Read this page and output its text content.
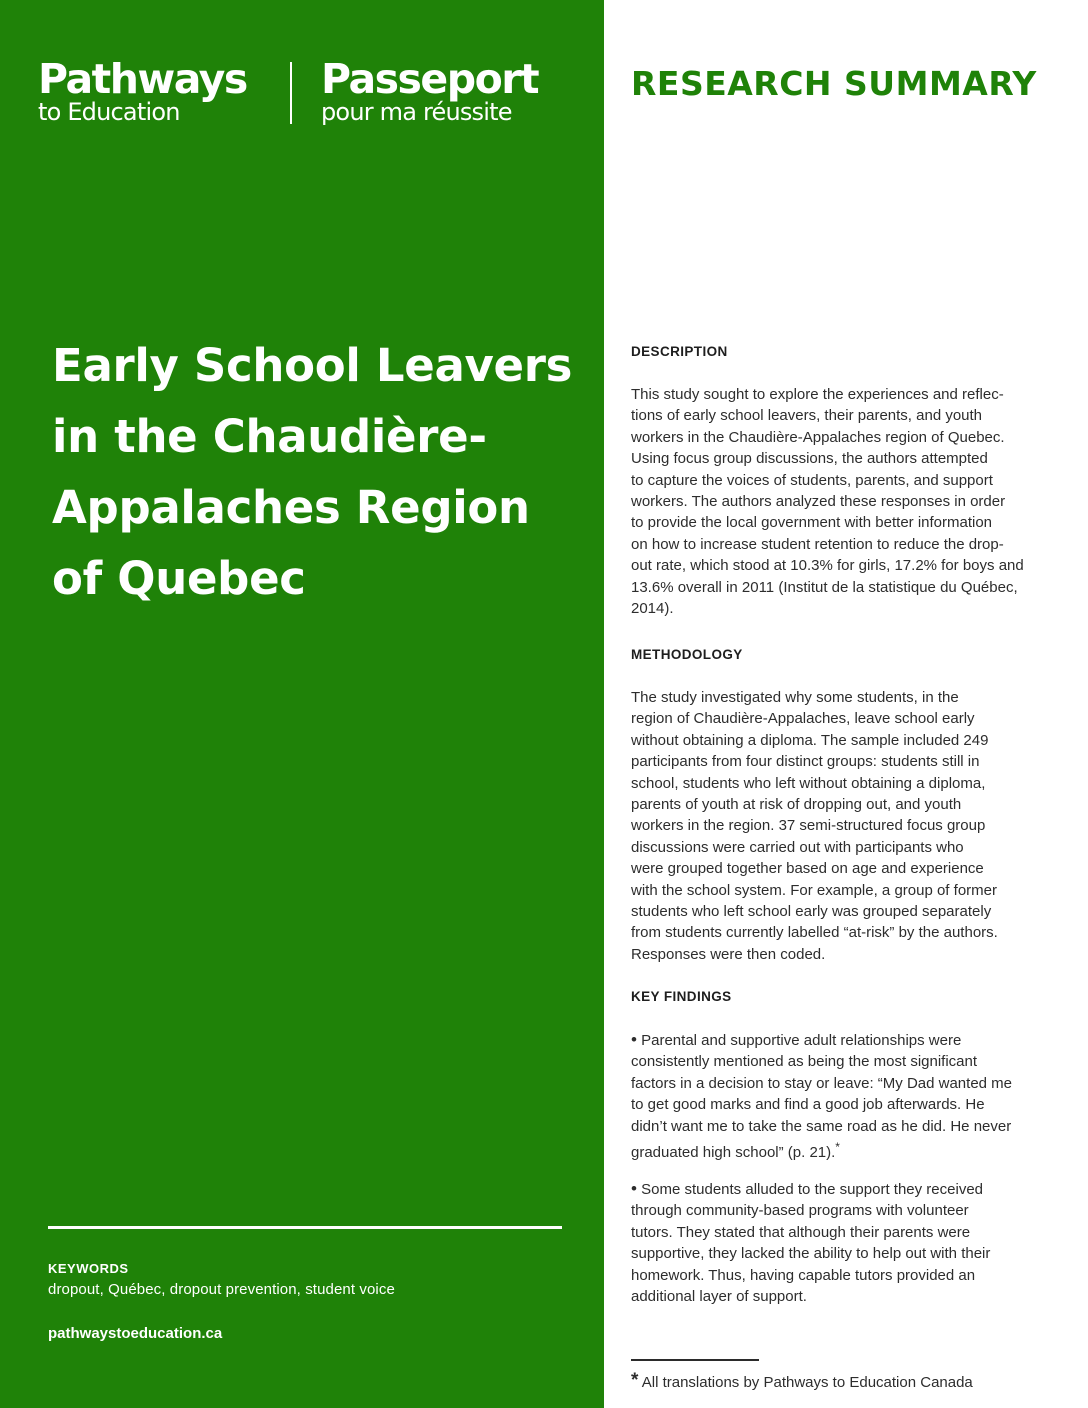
Pathways
to Education
Passeport
pour ma réussite
Early School Leavers
in the Chaudière-
Appalaches Region
of Quebec
KEYWORDS
dropout, Québec, dropout prevention, student voice
pathwaystoeducation.ca
RESEARCH SUMMARY
DESCRIPTION

This study sought to explore the experiences and reflec-
tions of early school leavers, their parents, and youth
workers in the Chaudière-Appalaches region of Quebec.
Using focus group discussions, the authors attempted
to capture the voices of students, parents, and support
workers. The authors analyzed these responses in order
to provide the local government with better information
on how to increase student retention to reduce the drop-
out rate, which stood at 10.3% for girls, 17.2% for boys and
13.6% overall in 2011 (Institut de la statistique du Québec,
2014).

METHODOLOGY

The study investigated why some students, in the
region of Chaudière-Appalaches, leave school early
without obtaining a diploma. The sample included 249
participants from four distinct groups: students still in
school, students who left without obtaining a diploma,
parents of youth at risk of dropping out, and youth
workers in the region. 37 semi-structured focus group
discussions were carried out with participants who
were grouped together based on age and experience
with the school system. For example, a group of former
students who left school early was grouped separately
from students currently labelled “at-risk” by the authors.
Responses were then coded.

KEY FINDINGS

• Parental and supportive adult relationships were
consistently mentioned as being the most significant
factors in a decision to stay or leave: “My Dad wanted me
to get good marks and find a good job afterwards. He
didn’t want me to take the same road as he did. He never
graduated high school” (p. 21).*

• Some students alluded to the support they received
through community-based programs with volunteer
tutors. They stated that although their parents were
supportive, they lacked the ability to help out with their
homework. Thus, having capable tutors provided an
additional layer of support.

* All translations by Pathways to Education Canada
